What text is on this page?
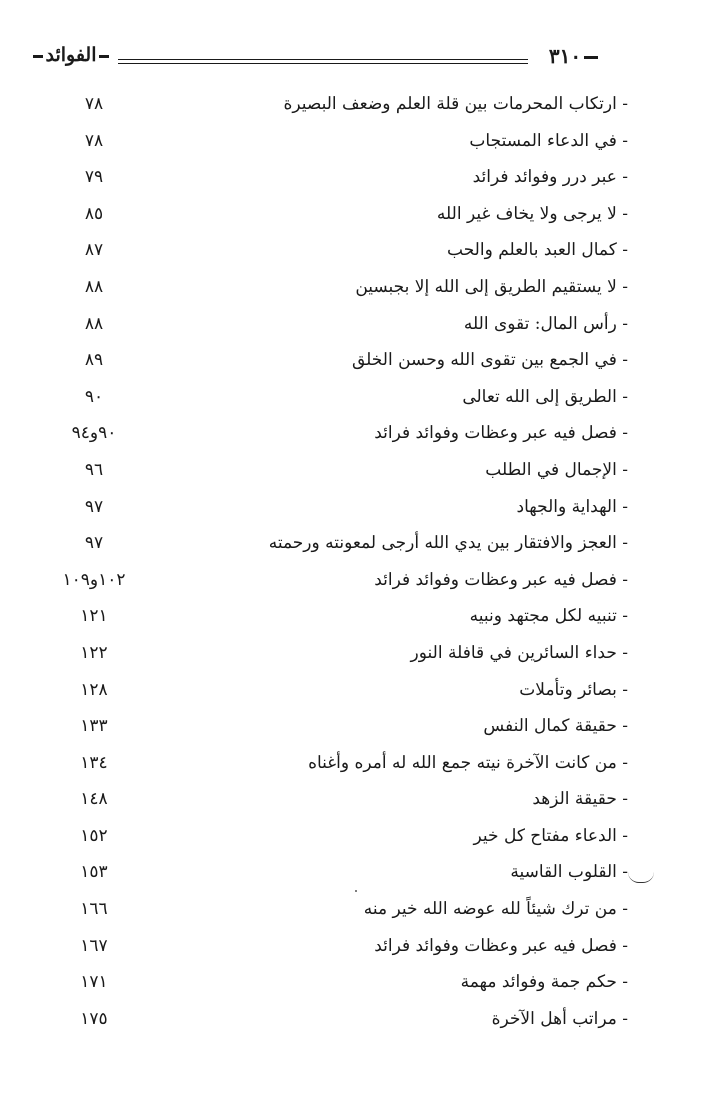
الفوائد	٣١٠
- ارتكاب المحرمات بين قلة العلم وضعف البصيرة
٧٨
- في الدعاء المستجاب
٧٨
- عبر درر وفوائد فرائد
٧٩
- لا يرجى ولا يخاف غير الله
٨٥
- كمال العبد بالعلم والحب
٨٧
- لا يستقيم الطريق إلى الله إلا بجبسين
٨٨
- رأس المال: تقوى الله
٨٨
- في الجمع بين تقوى الله وحسن الخلق
٨٩
- الطريق إلى الله تعالى
٩٠
- فصل فيه عبر وعظات وفوائد فرائد
٩٠و٩٤
- الإجمال في الطلب
٩٦
- الهداية والجهاد
٩٧
- العجز والافتقار بين يدي الله أرجى لمعونته ورحمته
٩٧
- فصل فيه عبر وعظات وفوائد فرائد
١٠٢و١٠٩
- تنبيه لكل مجتهد ونبيه
١٢١
- حداء السائرين في قافلة النور
١٢٢
- بصائر وتأملات
١٢٨
- حقيقة كمال النفس
١٣٣
- من كانت الآخرة نيته جمع الله له أمره وأغناه
١٣٤
- حقيقة الزهد
١٤٨
- الدعاء مفتاح كل خير
١٥٢
- القلوب القاسية
١٥٣
- من ترك شيئاً لله عوضه الله خير منه
١٦٦
- فصل فيه عبر وعظات وفوائد فرائد
١٦٧
- حكم جمة وفوائد مهمة
١٧١
- مراتب أهل الآخرة
١٧٥
